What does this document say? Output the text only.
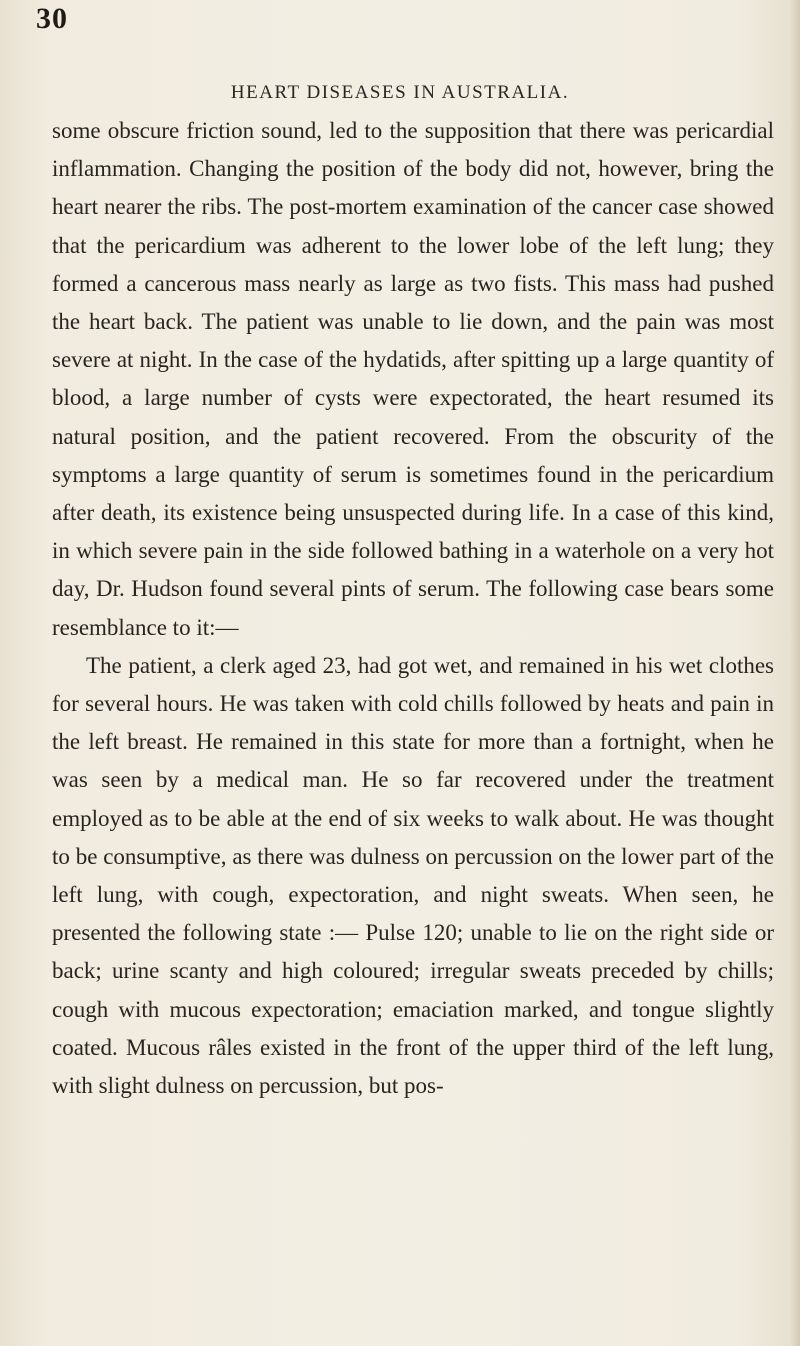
30
HEART DISEASES IN AUSTRALIA.

some obscure friction sound, led to the supposition that there was pericardial inflammation. Changing the position of the body did not, however, bring the heart nearer the ribs. The post-mortem examination of the cancer case showed that the pericardium was adherent to the lower lobe of the left lung; they formed a cancerous mass nearly as large as two fists. This mass had pushed the heart back. The patient was unable to lie down, and the pain was most severe at night. In the case of the hydatids, after spitting up a large quantity of blood, a large number of cysts were expectorated, the heart resumed its natural position, and the patient recovered. From the obscurity of the symptoms a large quantity of serum is sometimes found in the pericardium after death, its existence being unsuspected during life. In a case of this kind, in which severe pain in the side followed bathing in a waterhole on a very hot day, Dr. Hudson found several pints of serum. The following case bears some resemblance to it:—

The patient, a clerk aged 23, had got wet, and remained in his wet clothes for several hours. He was taken with cold chills followed by heats and pain in the left breast. He remained in this state for more than a fortnight, when he was seen by a medical man. He so far recovered under the treatment employed as to be able at the end of six weeks to walk about. He was thought to be consumptive, as there was dulness on percussion on the lower part of the left lung, with cough, expectoration, and night sweats. When seen, he presented the following state :— Pulse 120; unable to lie on the right side or back; urine scanty and high coloured; irregular sweats preceded by chills; cough with mucous expectoration; emaciation marked, and tongue slightly coated. Mucous râles existed in the front of the upper third of the left lung, with slight dulness on percussion, but pos-
